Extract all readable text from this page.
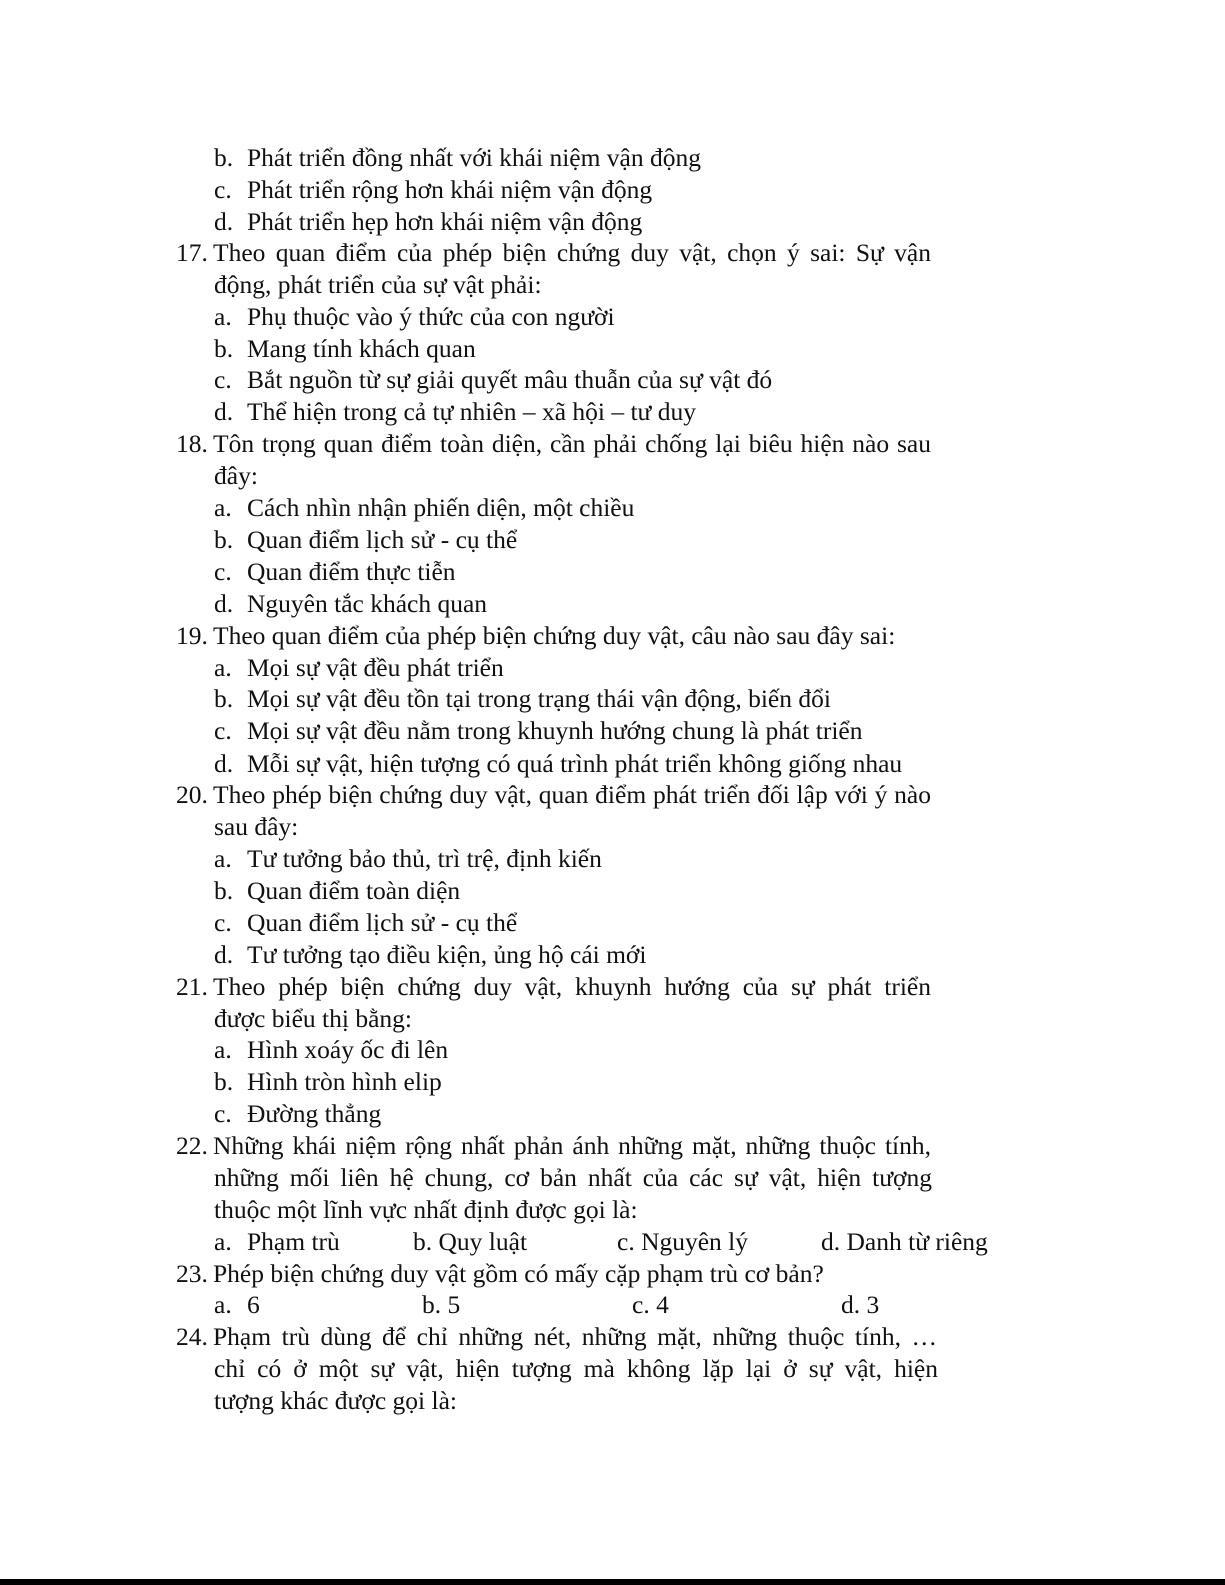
b. Phát triển đồng nhất với khái niệm vận động
c. Phát triển rộng hơn khái niệm vận động
d. Phát triển hẹp hơn khái niệm vận động
17. Theo quan điểm của phép biện chứng duy vật, chọn ý sai: Sự vận
động, phát triển của sự vật phải:
a. Phụ thuộc vào ý thức của con người
b. Mang tính khách quan
c. Bắt nguồn từ sự giải quyết mâu thuẫn của sự vật đó
d. Thể hiện trong cả tự nhiên – xã hội – tư duy
18. Tôn trọng quan điểm toàn diện, cần phải chống lại biêu hiện nào sau
đây:
a. Cách nhìn nhận phiến diện, một chiều
b. Quan điểm lịch sử - cụ thể
c. Quan điểm thực tiễn
d. Nguyên tắc khách quan
19. Theo quan điểm của phép biện chứng duy vật, câu nào sau đây sai:
a. Mọi sự vật đều phát triển
b. Mọi sự vật đều tồn tại trong trạng thái vận động, biến đổi
c. Mọi sự vật đều nằm trong khuynh hướng chung là phát triển
d. Mỗi sự vật, hiện tượng có quá trình phát triển không giống nhau
20. Theo phép biện chứng duy vật, quan điểm phát triển đối lập với ý nào
sau đây:
a. Tư tưởng bảo thủ, trì trệ, định kiến
b. Quan điểm toàn diện
c. Quan điểm lịch sử - cụ thể
d. Tư tưởng tạo điều kiện, ủng hộ cái mới
21. Theo phép biện chứng duy vật, khuynh hướng của sự phát triển
được biểu thị bằng:
a. Hình xoáy ốc đi lên
b. Hình tròn hình elip
c. Đường thẳng
22. Những khái niệm rộng nhất phản ánh những mặt, những thuộc tính,
những mối liên hệ chung, cơ bản nhất của các sự vật, hiện tượng
thuộc một lĩnh vực nhất định được gọi là:
a. Phạm trù	b. Quy luật	c. Nguyên lý	d. Danh từ riêng
23. Phép biện chứng duy vật gồm có mấy cặp phạm trù cơ bản?
a. 6	b. 5	c. 4	d. 3
24. Phạm trù dùng để chỉ những nét, những mặt, những thuộc tính, …
chỉ có ở một sự vật, hiện tượng mà không lặp lại ở sự vật, hiện
tượng khác được gọi là:
